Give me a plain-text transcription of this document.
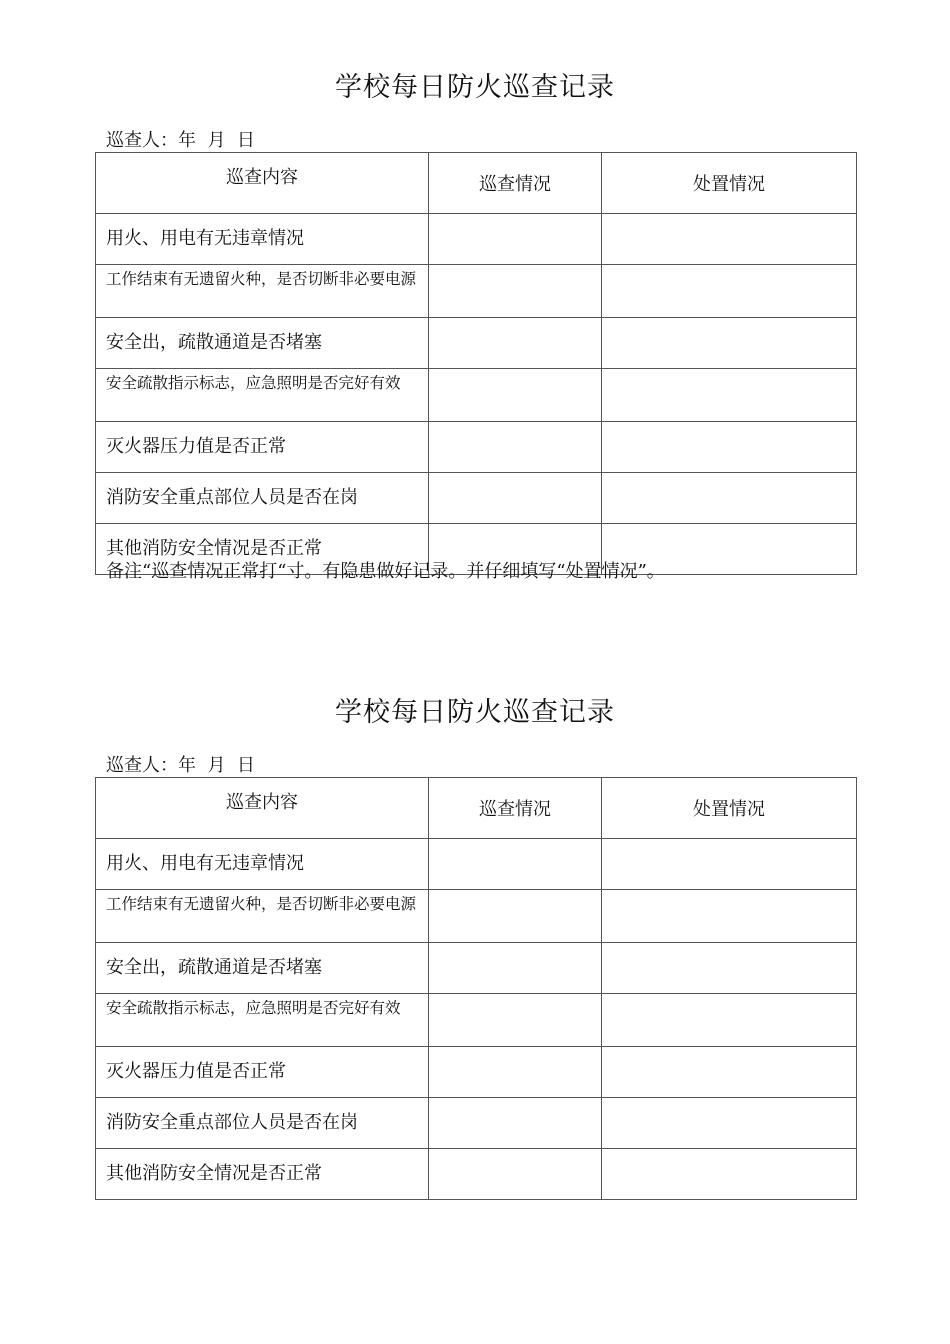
学校每日防火巡查记录
巡查人：年  月  日
巡查内容	巡查情况	处置情况
用火、用电有无违章情况		
工作结束有无遗留火种，是否切断非必要电源		
安全出，疏散通道是否堵塞		
安全疏散指示标志，应急照明是否完好有效		
灭火器压力值是否正常		
消防安全重点部位人员是否在岗		
其他消防安全情况是否正常		
备注“巡查情况正常打“寸。有隐患做好记录。并仔细填写“处置情况”。
学校每日防火巡查记录
巡查人：年  月  日
巡查内容	巡查情况	处置情况
用火、用电有无违章情况		
工作结束有无遗留火种，是否切断非必要电源		
安全出，疏散通道是否堵塞		
安全疏散指示标志，应急照明是否完好有效		
灭火器压力值是否正常		
消防安全重点部位人员是否在岗		
其他消防安全情况是否正常		
